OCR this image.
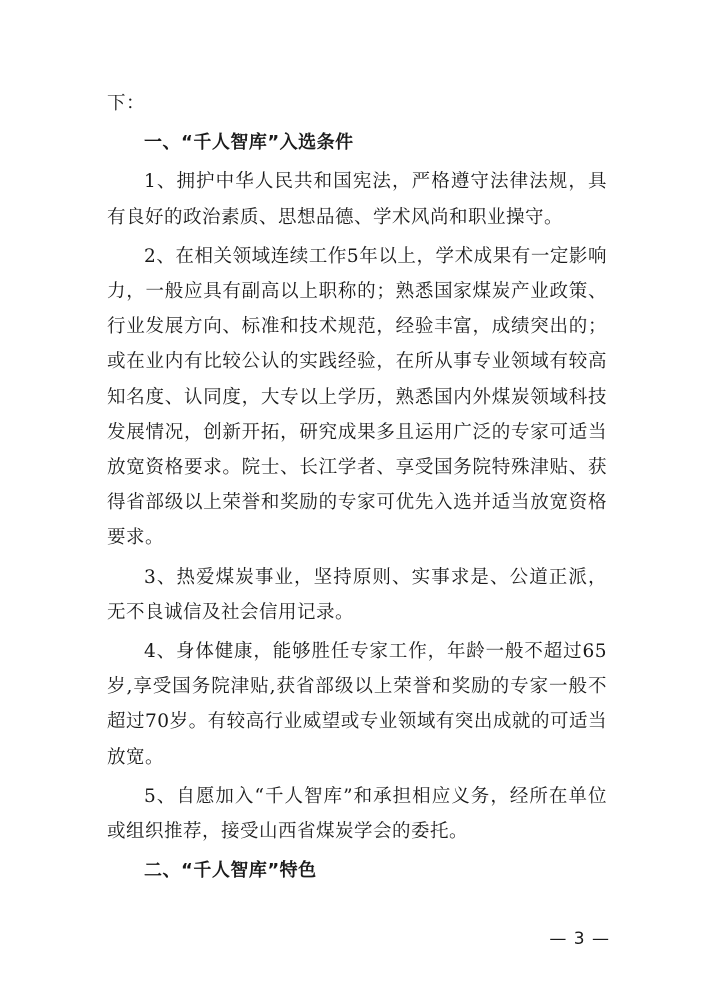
下：

一、“千人智库”入选条件

1、拥护中华人民共和国宪法，严格遵守法律法规，具有良好的政治素质、思想品德、学术风尚和职业操守。

2、在相关领域连续工作5年以上，学术成果有一定影响力，一般应具有副高以上职称的；熟悉国家煤炭产业政策、行业发展方向、标准和技术规范，经验丰富，成绩突出的；或在业内有比较公认的实践经验，在所从事专业领域有较高知名度、认同度，大专以上学历，熟悉国内外煤炭领域科技发展情况，创新开拓，研究成果多且运用广泛的专家可适当放宽资格要求。院士、长江学者、享受国务院特殊津贴、获得省部级以上荣誉和奖励的专家可优先入选并适当放宽资格要求。

3、热爱煤炭事业，坚持原则、实事求是、公道正派，无不良诚信及社会信用记录。

4、身体健康，能够胜任专家工作，年龄一般不超过65岁,享受国务院津贴,获省部级以上荣誉和奖励的专家一般不超过70岁。有较高行业威望或专业领域有突出成就的可适当放宽。

5、自愿加入“千人智库”和承担相应义务，经所在单位或组织推荐，接受山西省煤炭学会的委托。

二、“千人智库”特色

— 3 —
